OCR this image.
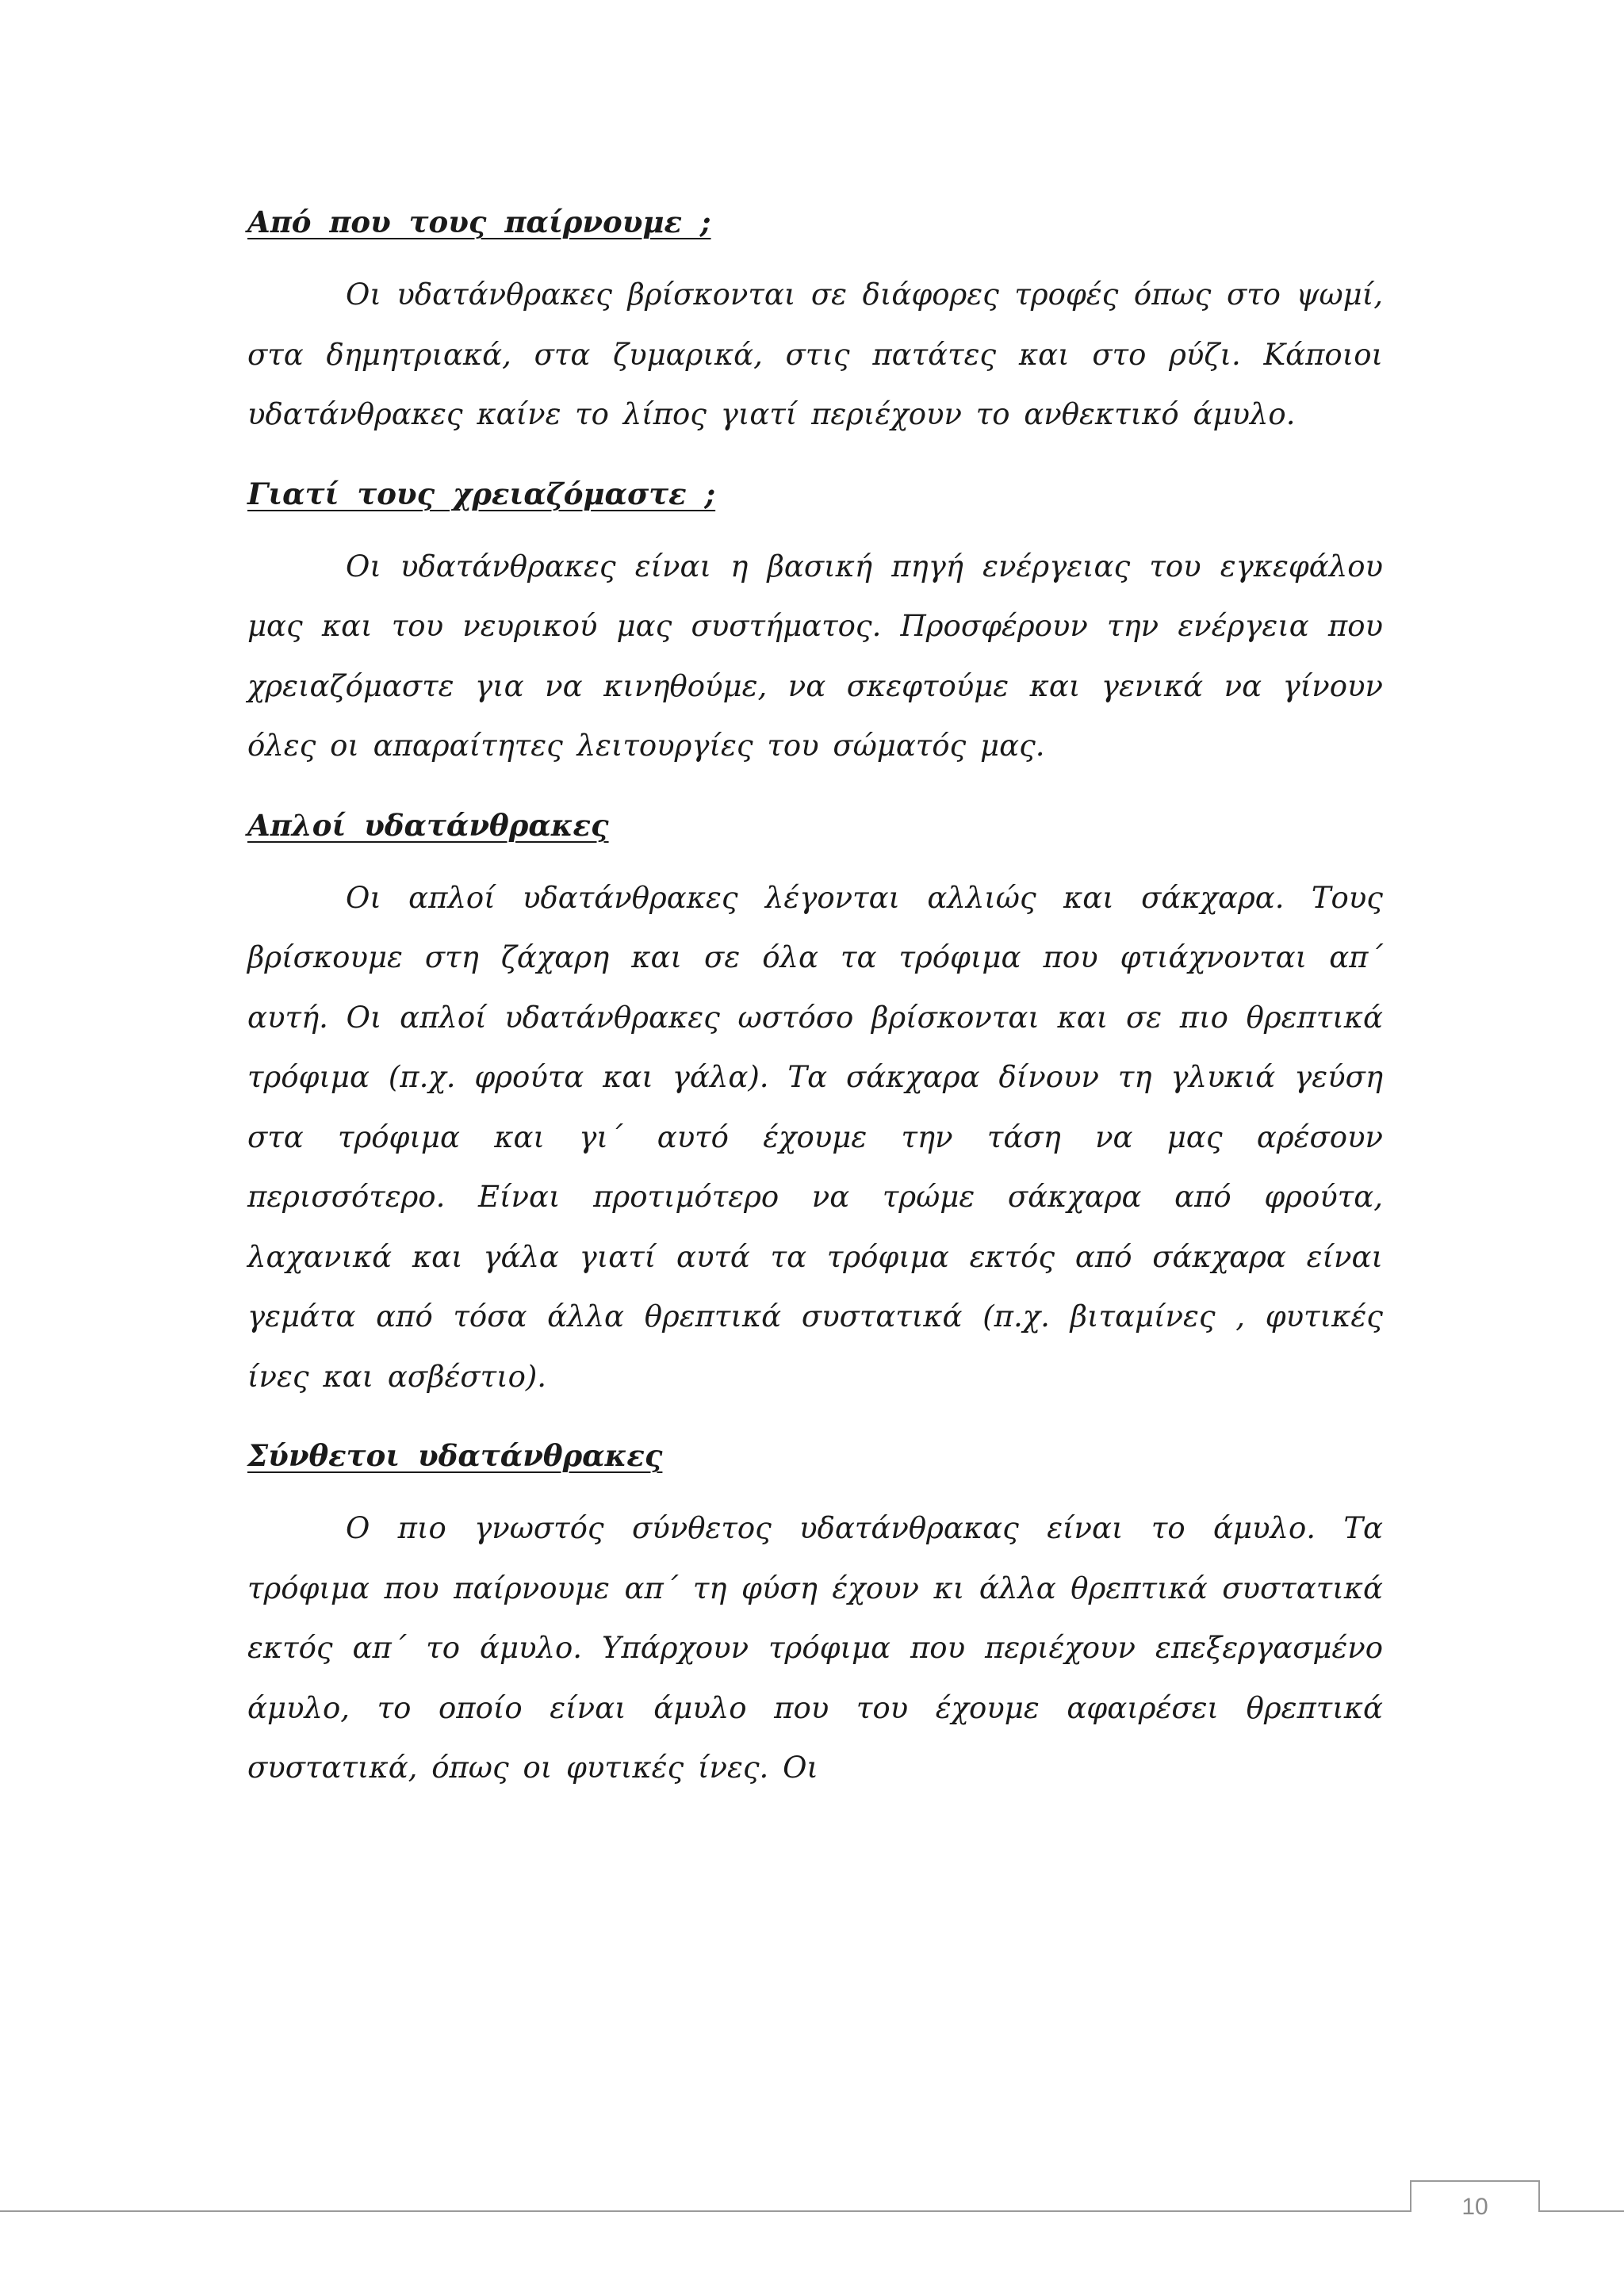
Από που τους παίρνουμε ;

Οι υδατάνθρακες βρίσκονται σε διάφορες τροφές όπως στο ψωμί, στα δημητριακά, στα ζυμαρικά, στις πατάτες και στο ρύζι. Κάποιοι υδατάνθρακες καίνε το λίπος γιατί περιέχουν το ανθεκτικό άμυλο.

Γιατί τους χρειαζόμαστε ;

Οι υδατάνθρακες είναι η βασική πηγή ενέργειας του εγκεφάλου μας και του νευρικού μας συστήματος. Προσφέρουν την ενέργεια που χρειαζόμαστε για να κινηθούμε, να σκεφτούμε και γενικά να γίνουν όλες οι απαραίτητες λειτουργίες του σώματός μας.

Απλοί υδατάνθρακες

Οι απλοί υδατάνθρακες λέγονται αλλιώς και σάκχαρα. Τους βρίσκουμε στη ζάχαρη και σε όλα τα τρόφιμα που φτιάχνονται απ΄ αυτή. Οι απλοί υδατάνθρακες ωστόσο βρίσκονται και σε πιο θρεπτικά τρόφιμα (π.χ. φρούτα και γάλα). Τα σάκχαρα δίνουν τη γλυκιά γεύση στα τρόφιμα και γι΄ αυτό έχουμε την τάση να μας αρέσουν περισσότερο. Είναι προτιμότερο να τρώμε σάκχαρα από φρούτα, λαχανικά και γάλα γιατί αυτά τα τρόφιμα εκτός από σάκχαρα είναι γεμάτα από τόσα άλλα θρεπτικά συστατικά (π.χ. βιταμίνες , φυτικές ίνες και ασβέστιο).

Σύνθετοι υδατάνθρακες

Ο πιο γνωστός σύνθετος υδατάνθρακας είναι το άμυλο. Τα τρόφιμα που παίρνουμε απ΄ τη φύση έχουν κι άλλα θρεπτικά συστατικά εκτός απ΄ το άμυλο. Υπάρχουν τρόφιμα που περιέχουν επεξεργασμένο άμυλο, το οποίο είναι άμυλο που του έχουμε αφαιρέσει θρεπτικά συστατικά, όπως οι φυτικές ίνες. Οι

10
